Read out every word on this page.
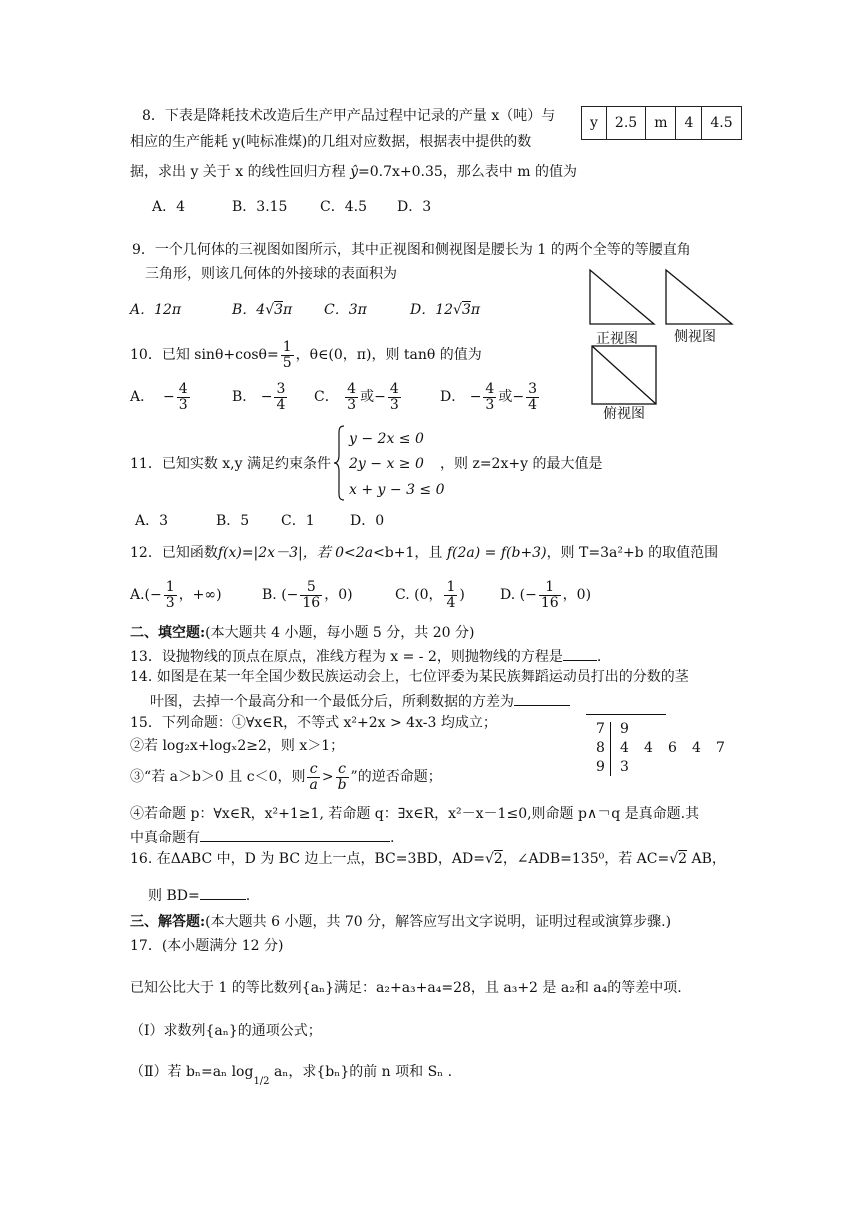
8．下表是降耗技术改造后生产甲产品过程中记录的产量 x（吨）与
相应的生产能耗 y(吨标准煤)的几组对应数据，根据表中提供的数
据，求出 y 关于 x 的线性回归方程 ŷ=0.7x+0.35，那么表中 m 的值为
y	2.5	m	4	4.5
A．4	B．3.15 C．4.5 D．3
9．一个几何体的三视图如图所示，其中正视图和侧视图是腰长为 1 的两个全等的等腰直角
三角形，则该几何体的外接球的表面积为
A．12π	B．4√3π C．3π	D．12√3π
正视图	侧视图
俯视图
10．已知 $\sin\theta+\cos\theta= \frac{1}{5}$ ，θ∈(0，π)，则 tanθ 的值为
A． − $\frac{4}{3}$	B． − $\frac{3}{4}$ C． $\frac{4}{3}$ 或− $\frac{4}{3}$	D． − $\frac{4}{3}$ 或− $\frac{3}{4}$
11．已知实数 x,y 满足约束条件
y − 2x ≤ 0
2y − x ≥ 0
x + y − 3 ≤ 0
，则 z=2x+y 的最大值是
A．3	B．5 C．1	D．0
12．已知函数f(x)=|2x－3|，若 0<2a<b+1，且 f(2a) = f(b+3)，则 T=3a²+b 的取值范围
$A.(- \frac{1}{3}$ ，+∞)	B. (− $\frac{5}{16}$ ，0)	C. (0， $\frac{1}{4}$ )	D. (− $\frac{1}{16}$ ，0)
二、填空题:(本大题共 4 小题，每小题 5 分，共 20 分)
13．设抛物线的顶点在原点，准线方程为 x = - 2，则抛物线的方程是 .
14. 如图是在某一年全国少数民族运动会上，七位评委为某民族舞蹈运动员打出的分数的茎
叶图，去掉一个最高分和一个最低分后，所剩数据的方差为
7 9
8 4 4 6 4 7
9 3
15．下列命题：①∀x∈R，不等式 x²+2x > 4x-3 均成立；
②若 log₂x+logₓ2≥2，则 x＞1；
③“若 a＞b＞0 且 c＜0，则 $\frac{c}{a} > \frac{c}{b}$ ”的逆否命题；
④若命题 p：∀x∈R，x²+1≥1, 若命题 q：∃x∈R，x²－x－1≤0,则命题 p∧￢q 是真命题.其
中真命题有	.
16. 在ΔABC 中，D 为 BC 边上一点，BC=3BD，AD=√2，∠ADB=135⁰，若 AC=√2 AB，
则 BD=	.
三、解答题:(本大题共 6 小题，共 70 分，解答应写出文字说明，证明过程或演算步骤.)
17．(本小题满分 12 分)
已知公比大于 1 的等比数列{aₙ}满足：a₂+a₃+a₄=28，且 a₃+2 是 a₂和 a₄的等差中项.
（Ⅰ）求数列{aₙ}的通项公式；
（Ⅱ）若 bₙ=aₙ $\log_{1/2} a_n$，求{bₙ}的前 n 项和 Sₙ .
